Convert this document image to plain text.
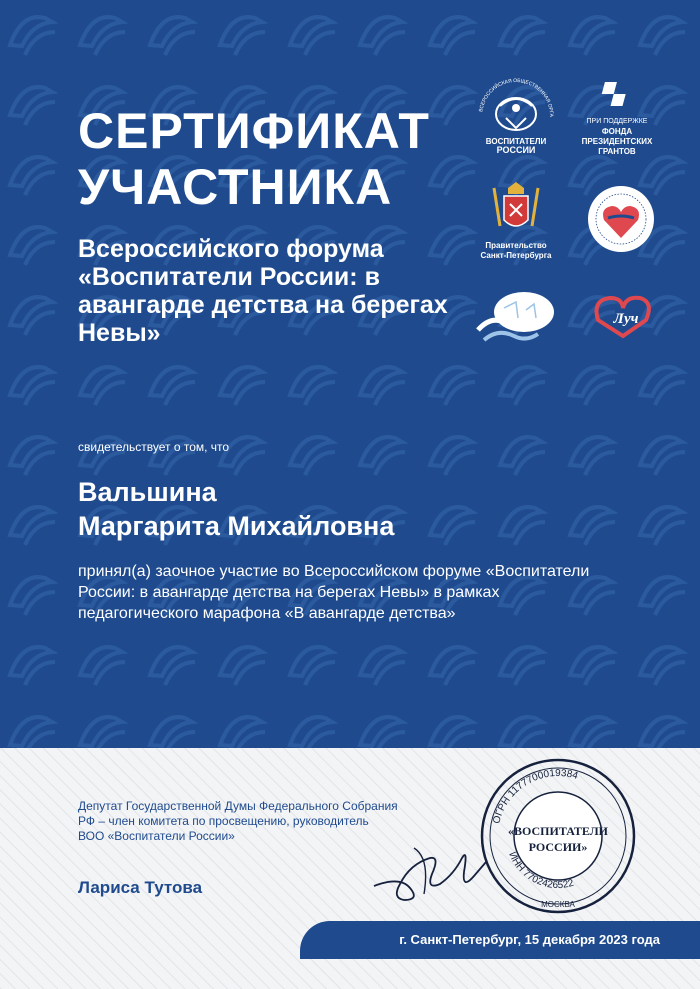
СЕРТИФИКАТ
УЧАСТНИКА
Всероссийского форума «Воспитатели России: в авангарде детства на берегах Невы»
свидетельствует о том, что
Вальшина
Маргарита Михайловна
принял(а) заочное участие во Всероссийском форуме «Воспитатели России: в авангарде детства на берегах Невы» в рамках педагогического марафона «В авангарде детства»
ВСЕРОССИЙСКАЯ ОБЩЕСТВЕННАЯ ОРГА
ВОСПИТАТЕЛИ
РОССИИ
ПРИ ПОДДЕРЖКЕ
ФОНДА
ПРЕЗИДЕНТСКИХ
ГРАНТОВ
Правительство
Санкт-Петербурга
Луч
Депутат Государственной Думы Федерального Собрания РФ – член комитета по просвещению, руководитель ВОО «Воспитатели России»
Лариса Тутова
ОГРН 1177700019384
ИНН 7702426522
МОСКВА
«ВОСПИТАТЕЛИ
РОССИИ»
г. Санкт-Петербург, 15 декабря 2023 года
